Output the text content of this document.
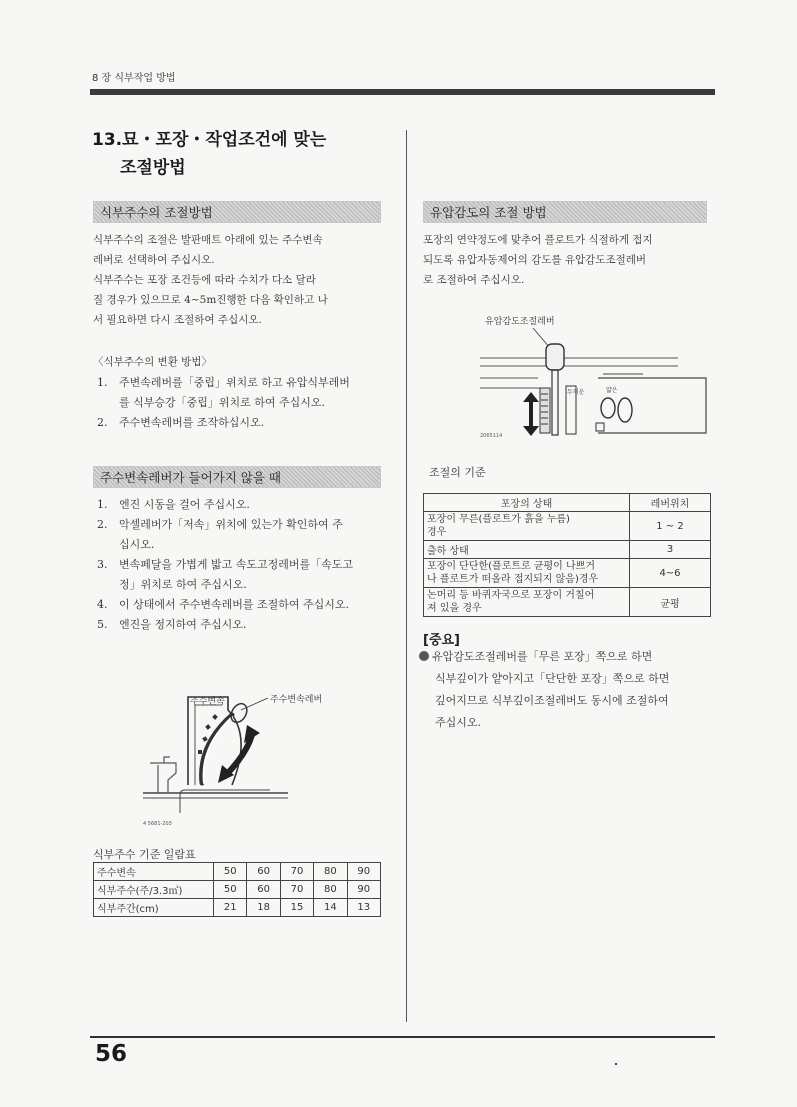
8 장 식부작업 방법
13.묘・포장・작업조건에 맞는
조절방법
식부주수의 조절방법

식부주수의 조절은 발판매트 아래에 있는 주수변속

레버로 선택하여 주십시오.

식부주수는 포장 조건등에 따라 수치가 다소 달라

질 경우가 있으므로 4~5m진행한 다음 확인하고 나

서 필요하면 다시 조절하여 주십시오.

〈식부주수의 변환 방법〉
1. 주변속레버를「중립」위치로 하고 유압식부레버
를 식부승강「중립」위치로 하여 주십시오.
2. 주수변속레버를 조작하십시오.
주수변속레버가 들어가지 않을 때
1. 엔진 시동을 걸어 주십시오.
2. 악셀레버가「저속」위치에 있는가 확인하여 주
십시오.
3. 변속페달을 가볍게 밟고 속도고정레버를「속도고
정」위치로 하여 주십시오.
4. 이 상태에서 주수변속레버를 조절하여 주십시오.
5. 엔진을 정지하여 주십시오.
주수변속	주수변속레버
4 5681-203
식부주수 기준 일람표
주수변속	50	60	70	80	90
식부주수(주/3.3㎡)	50	60	70	80	90
식부주간(cm)	21	18	15	14	13
유압감도의 조절 방법

포장의 연약정도에 맞추어 플로트가 식절하게 접지

되도록 유압자동제어의 감도를 유압감도조절레버

로 조절하여 주십시오.

유압감도조절레버
두꺼운	얇은
2065114
조절의 기준
포장의 상태	레버위치

포장이 무른(플로트가 흙을 누름)
경우	1 ~ 2

출하 상태	3

포장이 단단한(플로트로 균평이 나쁘거
나 플로트가 떠올라 접지되지 않음)경우	4~6

논머리 등 바퀴자국으로 포장이 거칠어
져 있을 경우	균평
[중요]
유압감도조절레버를「무른 포장」쪽으로 하면
식부깊이가 얕아지고「단단한 포장」쪽으로 하면
깊어지므로 식부깊이조절레버도 동시에 조절하여
주십시오.
56
